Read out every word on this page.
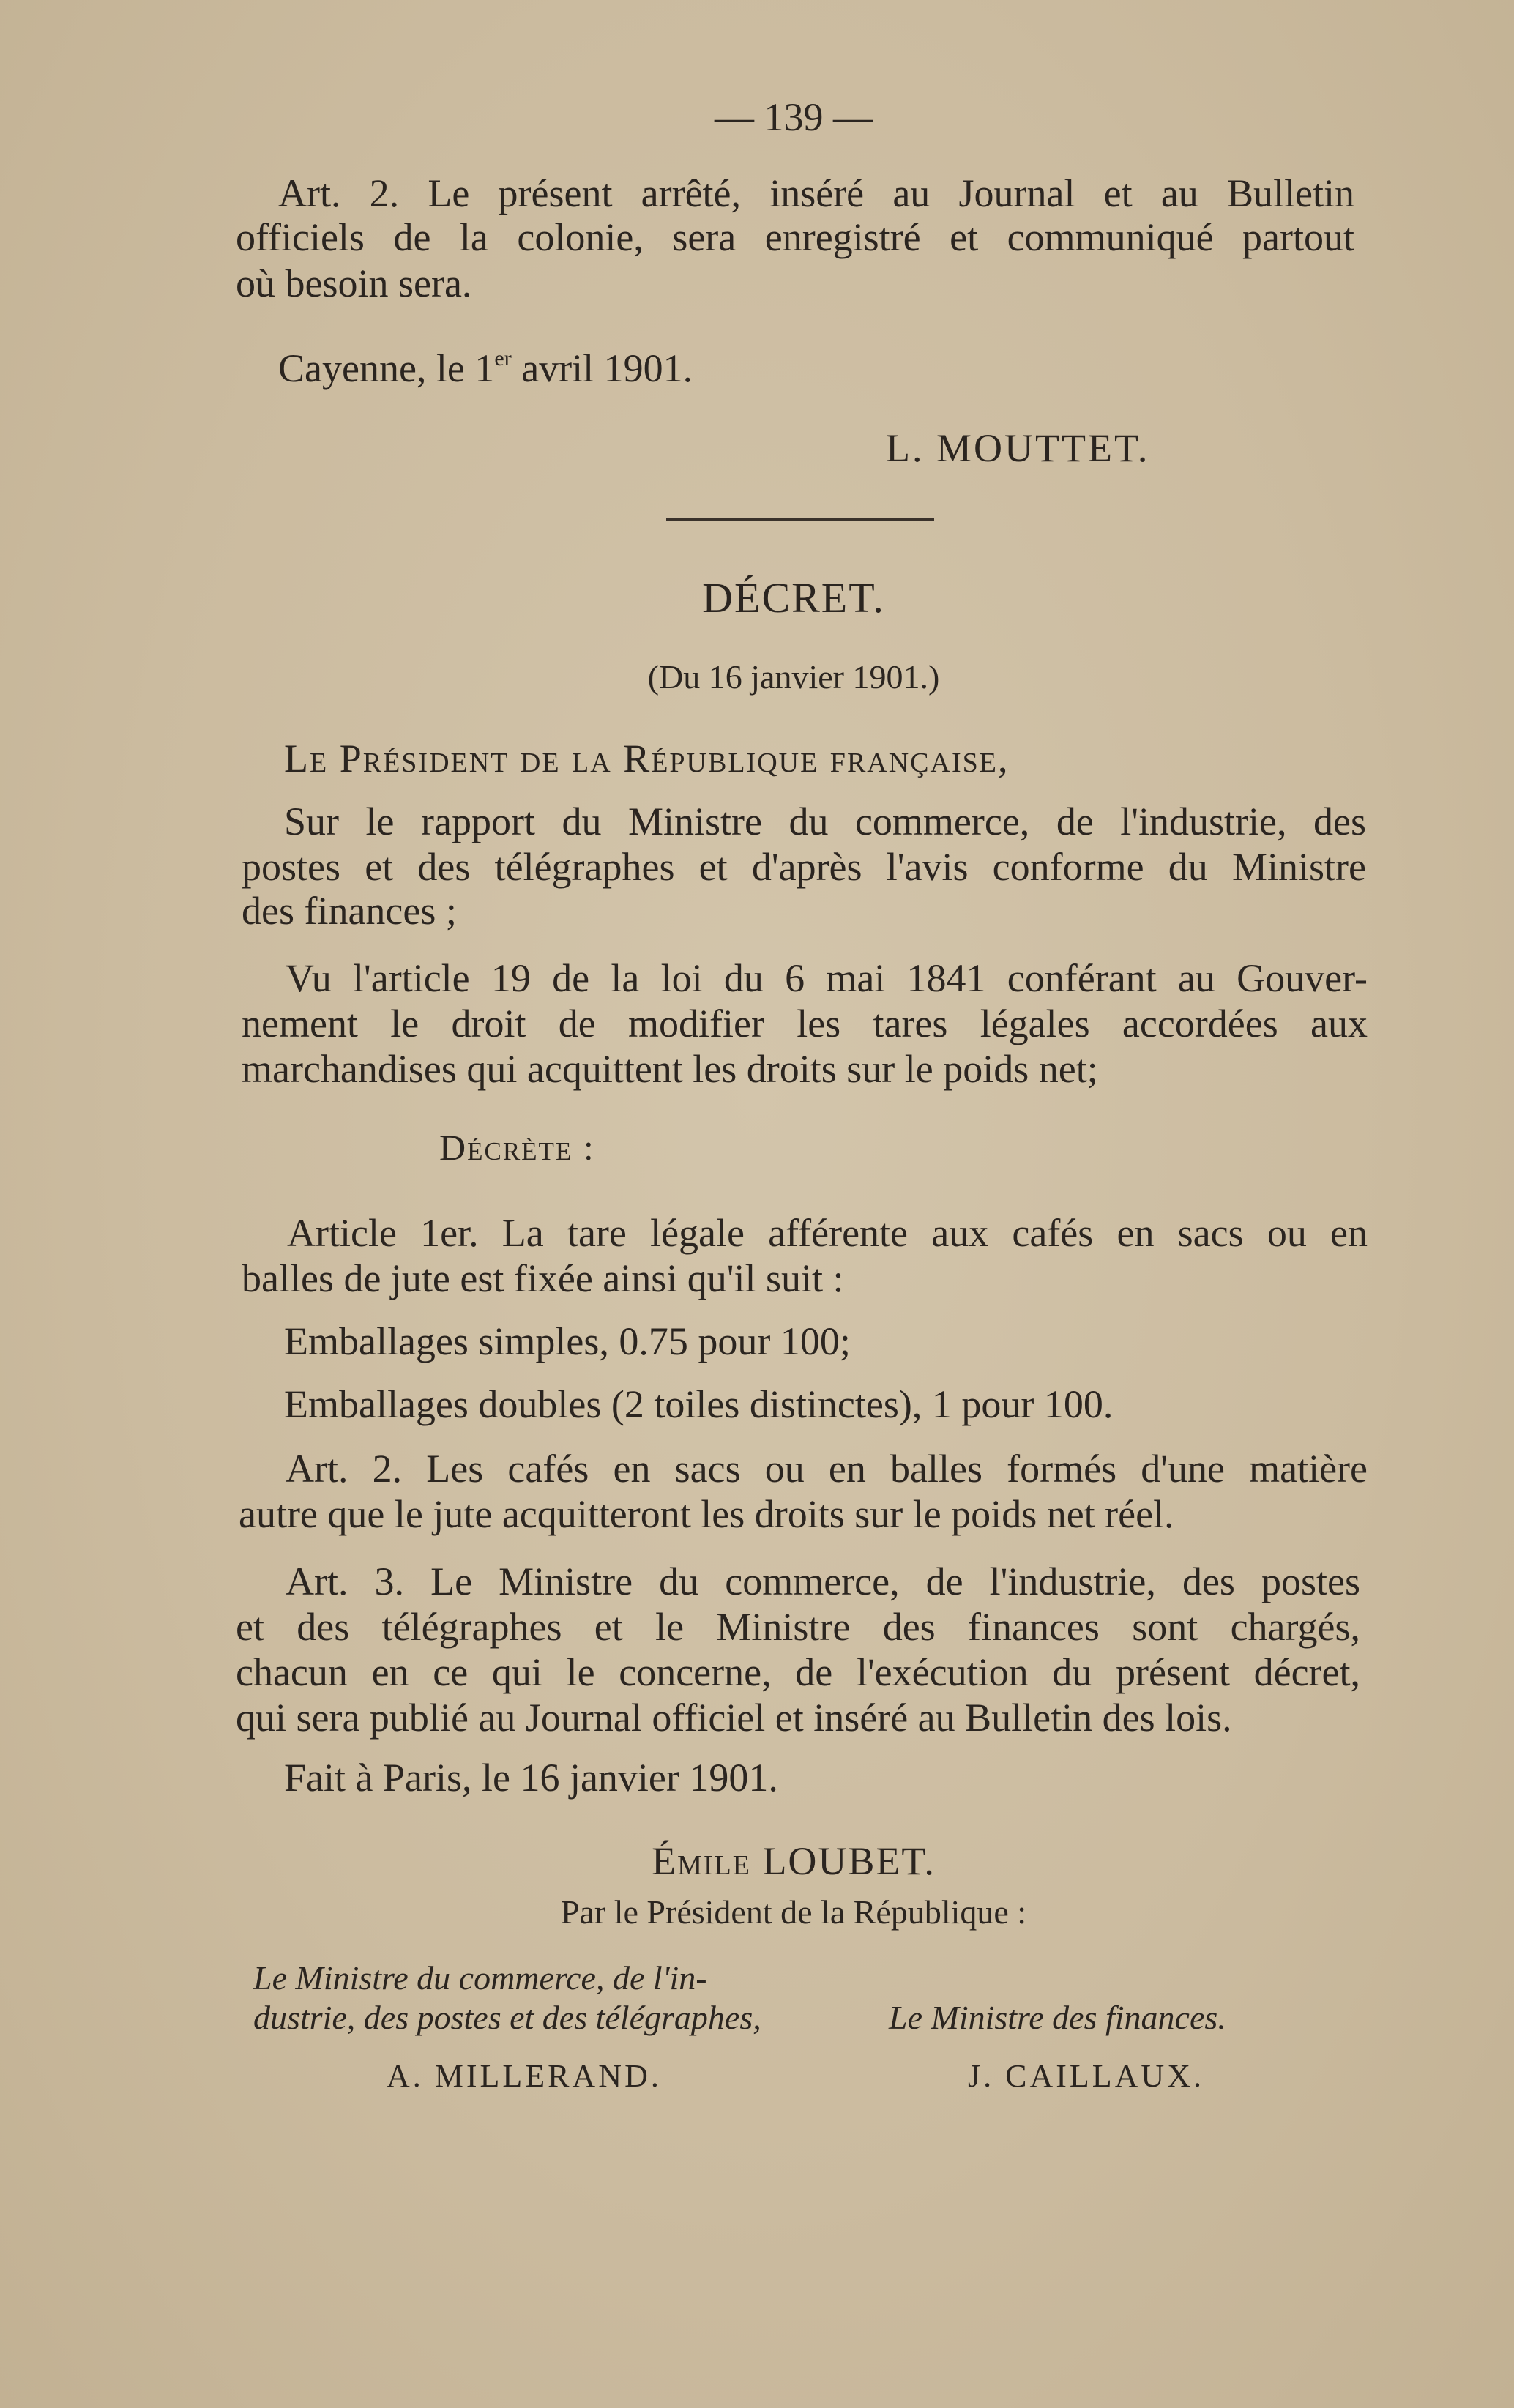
— 139 —
Art. 2. Le présent arrêté, inséré au Journal et au Bulletin
officiels de la colonie, sera enregistré et communiqué partout
où besoin sera.
Cayenne, le 1er avril 1901.
L. MOUTTET.
DÉCRET.
(Du 16 janvier 1901.)
Le Président de la République française,
Sur le rapport du Ministre du commerce, de l'industrie, des
postes et des télégraphes et d'après l'avis conforme du Ministre
des finances ;
Vu l'article 19 de la loi du 6 mai 1841 conférant au Gouver-
nement le droit de modifier les tares légales accordées aux
marchandises qui acquittent les droits sur le poids net;
Décrète :
Article 1er. La tare légale afférente aux cafés en sacs ou en
balles de jute est fixée ainsi qu'il suit :
Emballages simples, 0.75 pour 100;
Emballages doubles (2 toiles distinctes), 1 pour 100.
Art. 2. Les cafés en sacs ou en balles formés d'une matière
autre que le jute acquitteront les droits sur le poids net réel.
Art. 3. Le Ministre du commerce, de l'industrie, des postes
et des télégraphes et le Ministre des finances sont chargés,
chacun en ce qui le concerne, de l'exécution du présent décret,
qui sera publié au Journal officiel et inséré au Bulletin des lois.
Fait à Paris, le 16 janvier 1901.
Émile LOUBET.
Par le Président de la République :
Le Ministre du commerce, de l'in-
dustrie, des postes et des télégraphes,	Le Ministre des finances.
A. MILLERAND.	J. CAILLAUX.
